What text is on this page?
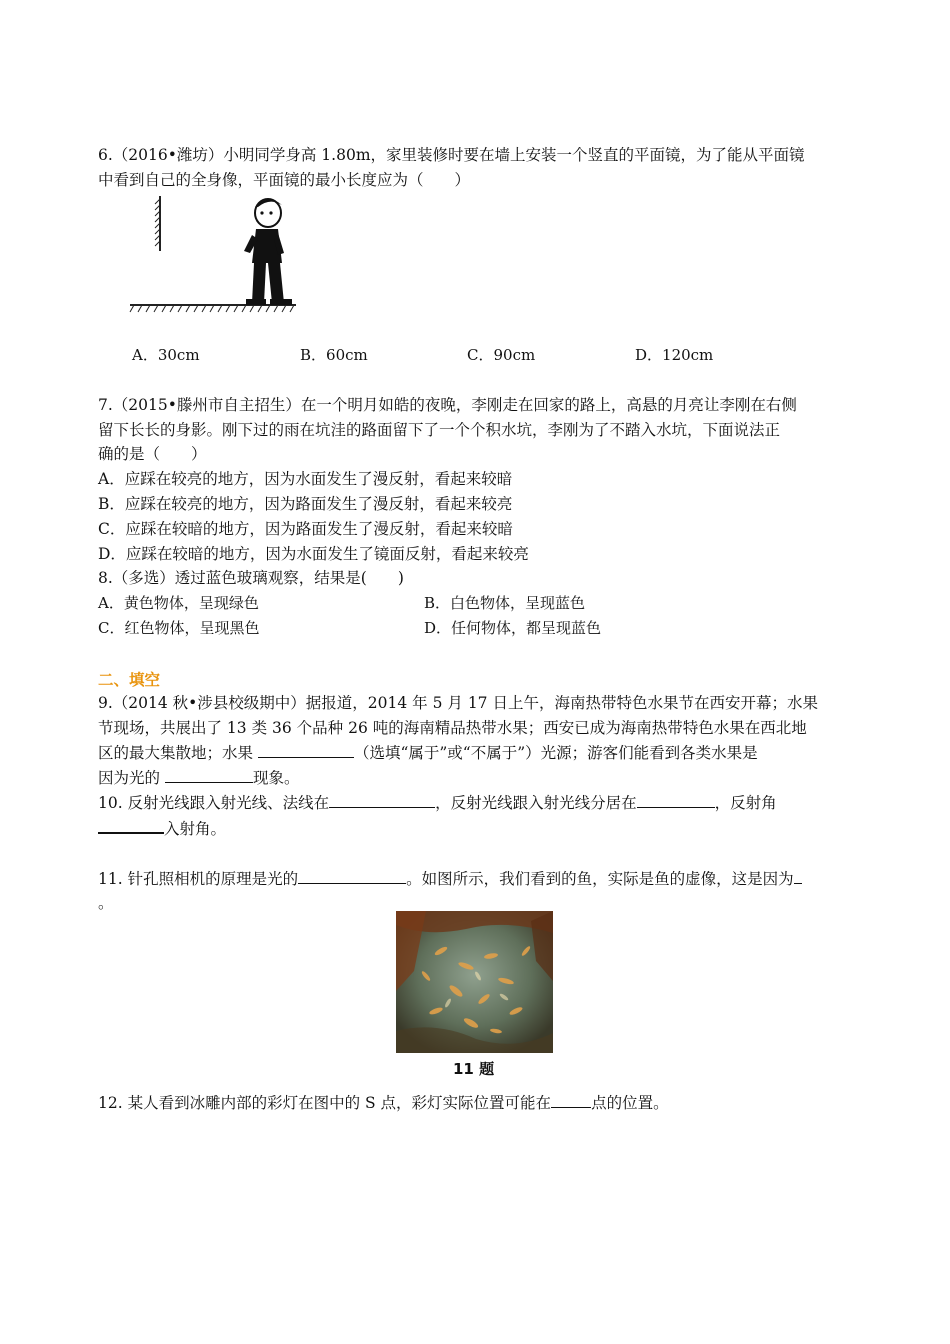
6.（2016•潍坊）小明同学身高 1.80m，家里装修时要在墙上安装一个竖直的平面镜，为了能从平面镜
中看到自己的全身像，平面镜的最小长度应为（　　）
A．30cm	B．60cm	C．90cm	D．120cm
7.（2015•滕州市自主招生）在一个明月如皓的夜晚，李刚走在回家的路上，高悬的月亮让李刚在右侧
留下长长的身影。刚下过的雨在坑洼的路面留下了一个个积水坑，李刚为了不踏入水坑，下面说法正
确的是（　　）
A．应踩在较亮的地方，因为水面发生了漫反射，看起来较暗
B．应踩在较亮的地方，因为路面发生了漫反射，看起来较亮
C．应踩在较暗的地方，因为路面发生了漫反射，看起来较暗
D．应踩在较暗的地方，因为水面发生了镜面反射，看起来较亮
8.（多选）透过蓝色玻璃观察，结果是(　　)
A．黄色物体，呈现绿色	B．白色物体，呈现蓝色
C．红色物体，呈现黑色	D．任何物体，都呈现蓝色
二、填空
9.（2014 秋•涉县校级期中）据报道，2014 年 5 月 17 日上午，海南热带特色水果节在西安开幕；水果
节现场，共展出了 13 类 36 个品种 26 吨的海南精品热带水果；西安已成为海南热带特色水果在西北地
区的最大集散地；水果	（选填“属于”或“不属于”）光源；游客们能看到各类水果是
因为光的	现象。
10. 反射光线跟入射光线、法线在	，反射光线跟入射光线分居在	，反射角
入射角。
11. 针孔照相机的原理是光的	。如图所示，我们看到的鱼，实际是鱼的虚像，这是因为
。
11 题
12. 某人看到冰雕内部的彩灯在图中的 S 点，彩灯实际位置可能在	点的位置。
